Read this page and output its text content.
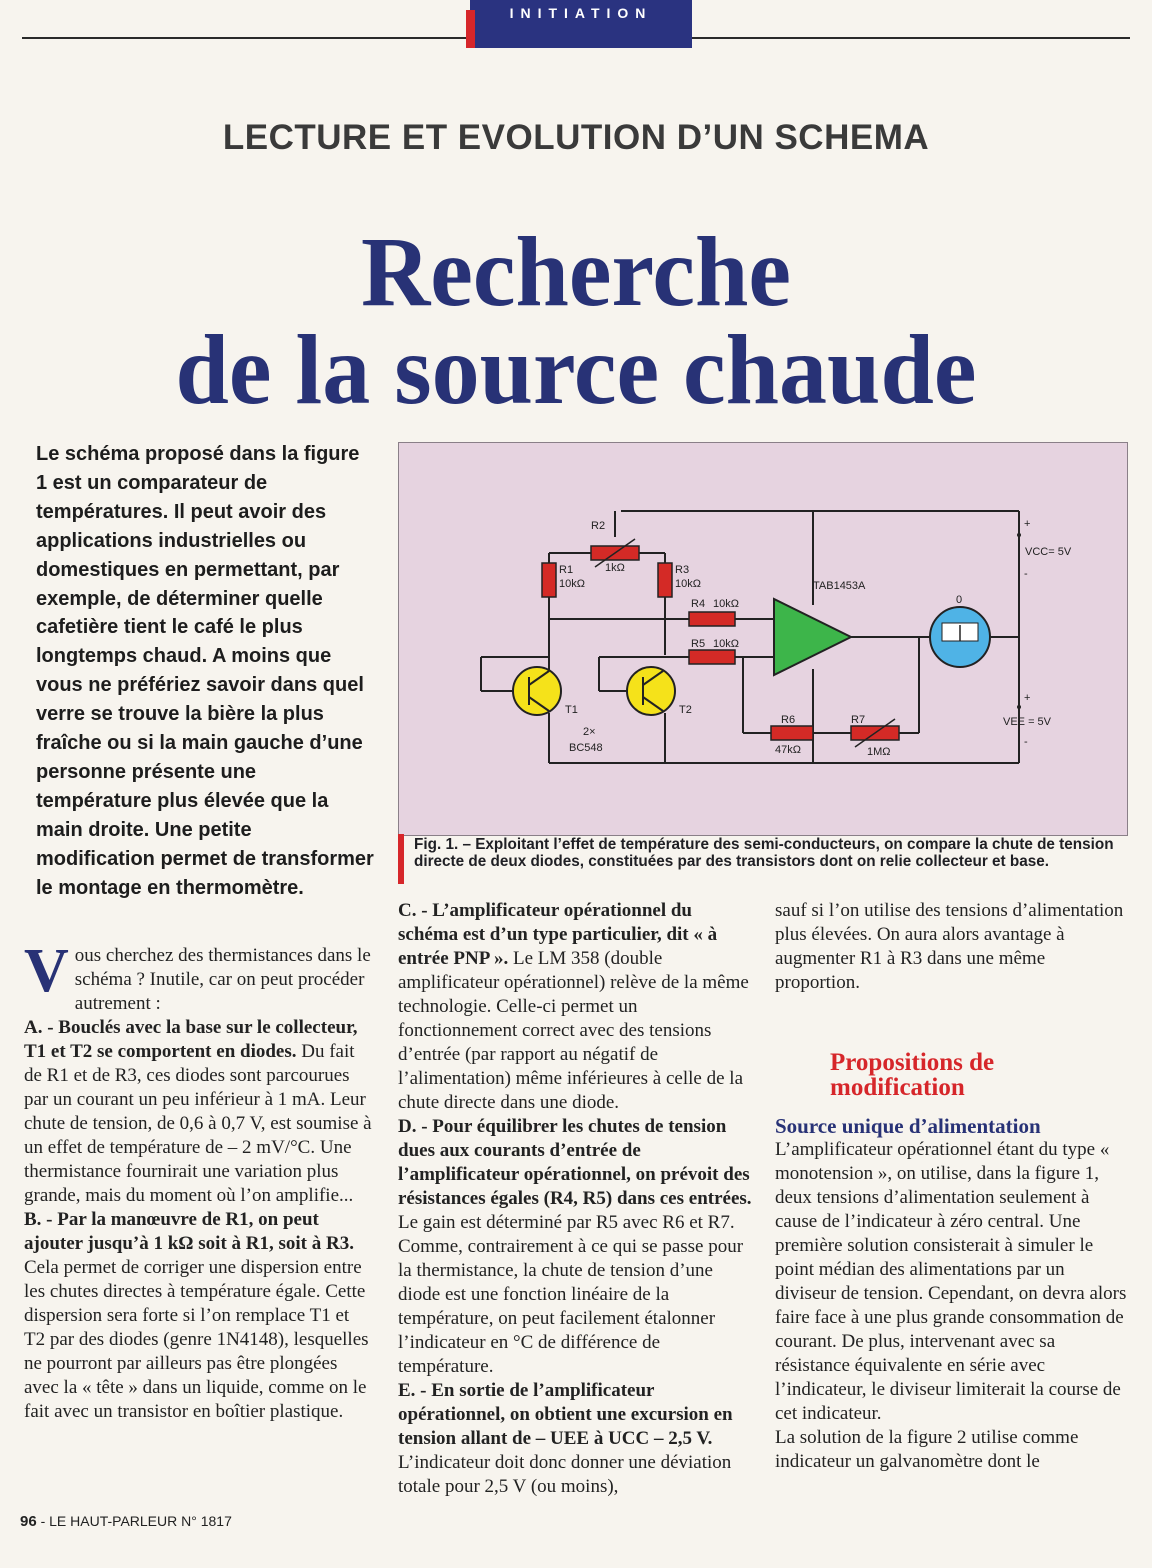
INITIATION
LECTURE ET EVOLUTION D’UN SCHEMA
Recherche
de la source chaude
Le schéma proposé dans la figure 1 est un comparateur de températures. Il peut avoir des applications industrielles ou domestiques en permettant, par exemple, de déterminer quelle cafetière tient le café le plus longtemps chaud. A moins que vous ne préfériez savoir dans quel verre se trouve la bière la plus fraîche ou si la main gauche d’une personne présente une température plus élevée que la main droite. Une petite modification permet de transformer le montage en thermomètre.
R2
1kΩ
R1
10kΩ
R3
10kΩ
R4 10kΩ
R5 10kΩ
R6
47kΩ
R7
1MΩ
T1	T2
2×
BC548
TAB1453A
0
+
VCC= 5V
-
+
VEE = 5V
-
Fig. 1. – Exploitant l’effet de température des semi-conducteurs, on compare la chute de tension directe de deux diodes, constituées par des transistors dont on relie collecteur et base.

Vous cherchez des thermistances dans le schéma ? Inutile, car on peut procéder autrement :

A. - Bouclés avec la base sur le collecteur, T1 et T2 se comportent en diodes. Du fait de R1 et de R3, ces diodes sont parcourues par un courant un peu inférieur à 1 mA. Leur chute de tension, de 0,6 à 0,7 V, est soumise à un effet de température de – 2 mV/°C. Une thermistance fournirait une variation plus grande, mais du moment où l’on amplifie...

B. - Par la manœuvre de R1, on peut ajouter jusqu’à 1 kΩ soit à R1, soit à R3. Cela permet de corriger une dispersion entre les chutes directes à température égale. Cette dispersion sera forte si l’on remplace T1 et T2 par des diodes (genre 1N4148), lesquelles ne pourront par ailleurs pas être plongées avec la « tête » dans un liquide, comme on le fait avec un transistor en boîtier plastique.

C. - L’amplificateur opérationnel du schéma est d’un type particulier, dit « à entrée PNP ». Le LM 358 (double amplificateur opérationnel) relève de la même technologie. Celle-ci permet un fonctionnement correct avec des tensions d’entrée (par rapport au négatif de l’alimentation) même inférieures à celle de la chute directe dans une diode.

D. - Pour équilibrer les chutes de tension dues aux courants d’entrée de l’amplificateur opérationnel, on prévoit des résistances égales (R4, R5) dans ces entrées. Le gain est déterminé par R5 avec R6 et R7. Comme, contrairement à ce qui se passe pour la thermistance, la chute de tension d’une diode est une fonction linéaire de la température, on peut facilement étalonner l’indicateur en °C de différence de température.

E. - En sortie de l’amplificateur opérationnel, on obtient une excursion en tension allant de – UEE à UCC – 2,5 V. L’indicateur doit donc donner une déviation totale pour 2,5 V (ou moins),

sauf si l’on utilise des tensions d’alimentation plus élevées. On aura alors avantage à augmenter R1 à R3 dans une même proportion.

Propositions de modification

Source unique d’alimentation

L’amplificateur opérationnel étant du type « monotension », on utilise, dans la figure 1, deux tensions d’alimentation seulement à cause de l’indicateur à zéro central. Une première solution consisterait à simuler le point médian des alimentations par un diviseur de tension. Cependant, on devra alors faire face à une plus grande consommation de courant. De plus, intervenant avec sa résistance équivalente en série avec l’indicateur, le diviseur limiterait la course de cet indicateur.

La solution de la figure 2 utilise comme indicateur un galvanomètre dont le

96 - LE HAUT-PARLEUR N° 1817
